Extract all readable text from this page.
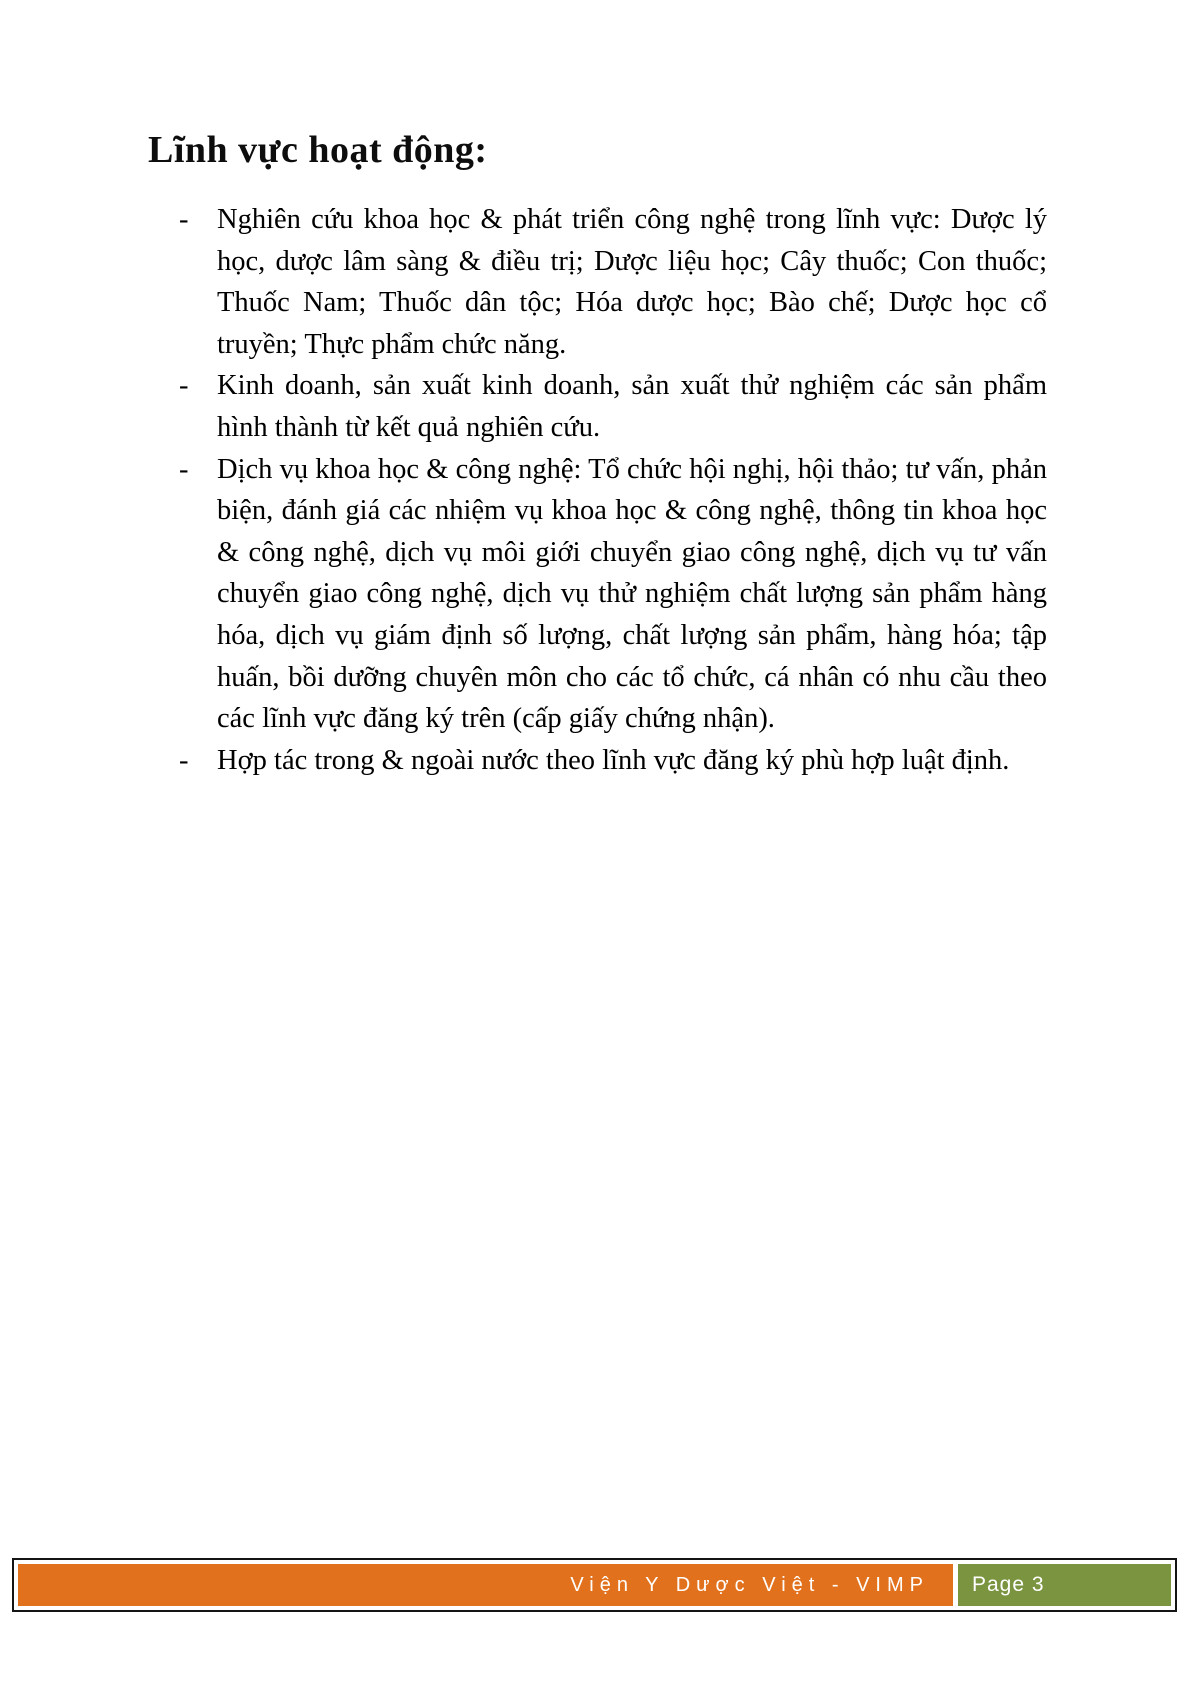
Lĩnh vực hoạt động:
- Nghiên cứu khoa học & phát triển công nghệ trong lĩnh vực: Dược lý học, dược lâm sàng & điều trị; Dược liệu học; Cây thuốc; Con thuốc; Thuốc Nam; Thuốc dân tộc; Hóa dược học; Bào chế; Dược học cổ truyền; Thực phẩm chức năng.
- Kinh doanh, sản xuất kinh doanh, sản xuất thử nghiệm các sản phẩm hình thành từ kết quả nghiên cứu.
- Dịch vụ khoa học & công nghệ: Tổ chức hội nghị, hội thảo; tư vấn, phản biện, đánh giá các nhiệm vụ khoa học & công nghệ, thông tin khoa học & công nghệ, dịch vụ môi giới chuyển giao công nghệ, dịch vụ tư vấn chuyển giao công nghệ, dịch vụ thử nghiệm chất lượng sản phẩm hàng hóa, dịch vụ giám định số lượng, chất lượng sản phẩm, hàng hóa; tập huấn, bồi dưỡng chuyên môn cho các tổ chức, cá nhân có nhu cầu theo các lĩnh vực đăng ký trên (cấp giấy chứng nhận).
- Hợp tác trong & ngoài nước theo lĩnh vực đăng ký phù hợp luật định.
Viện Y Dược Việt - VIMP Page 3
